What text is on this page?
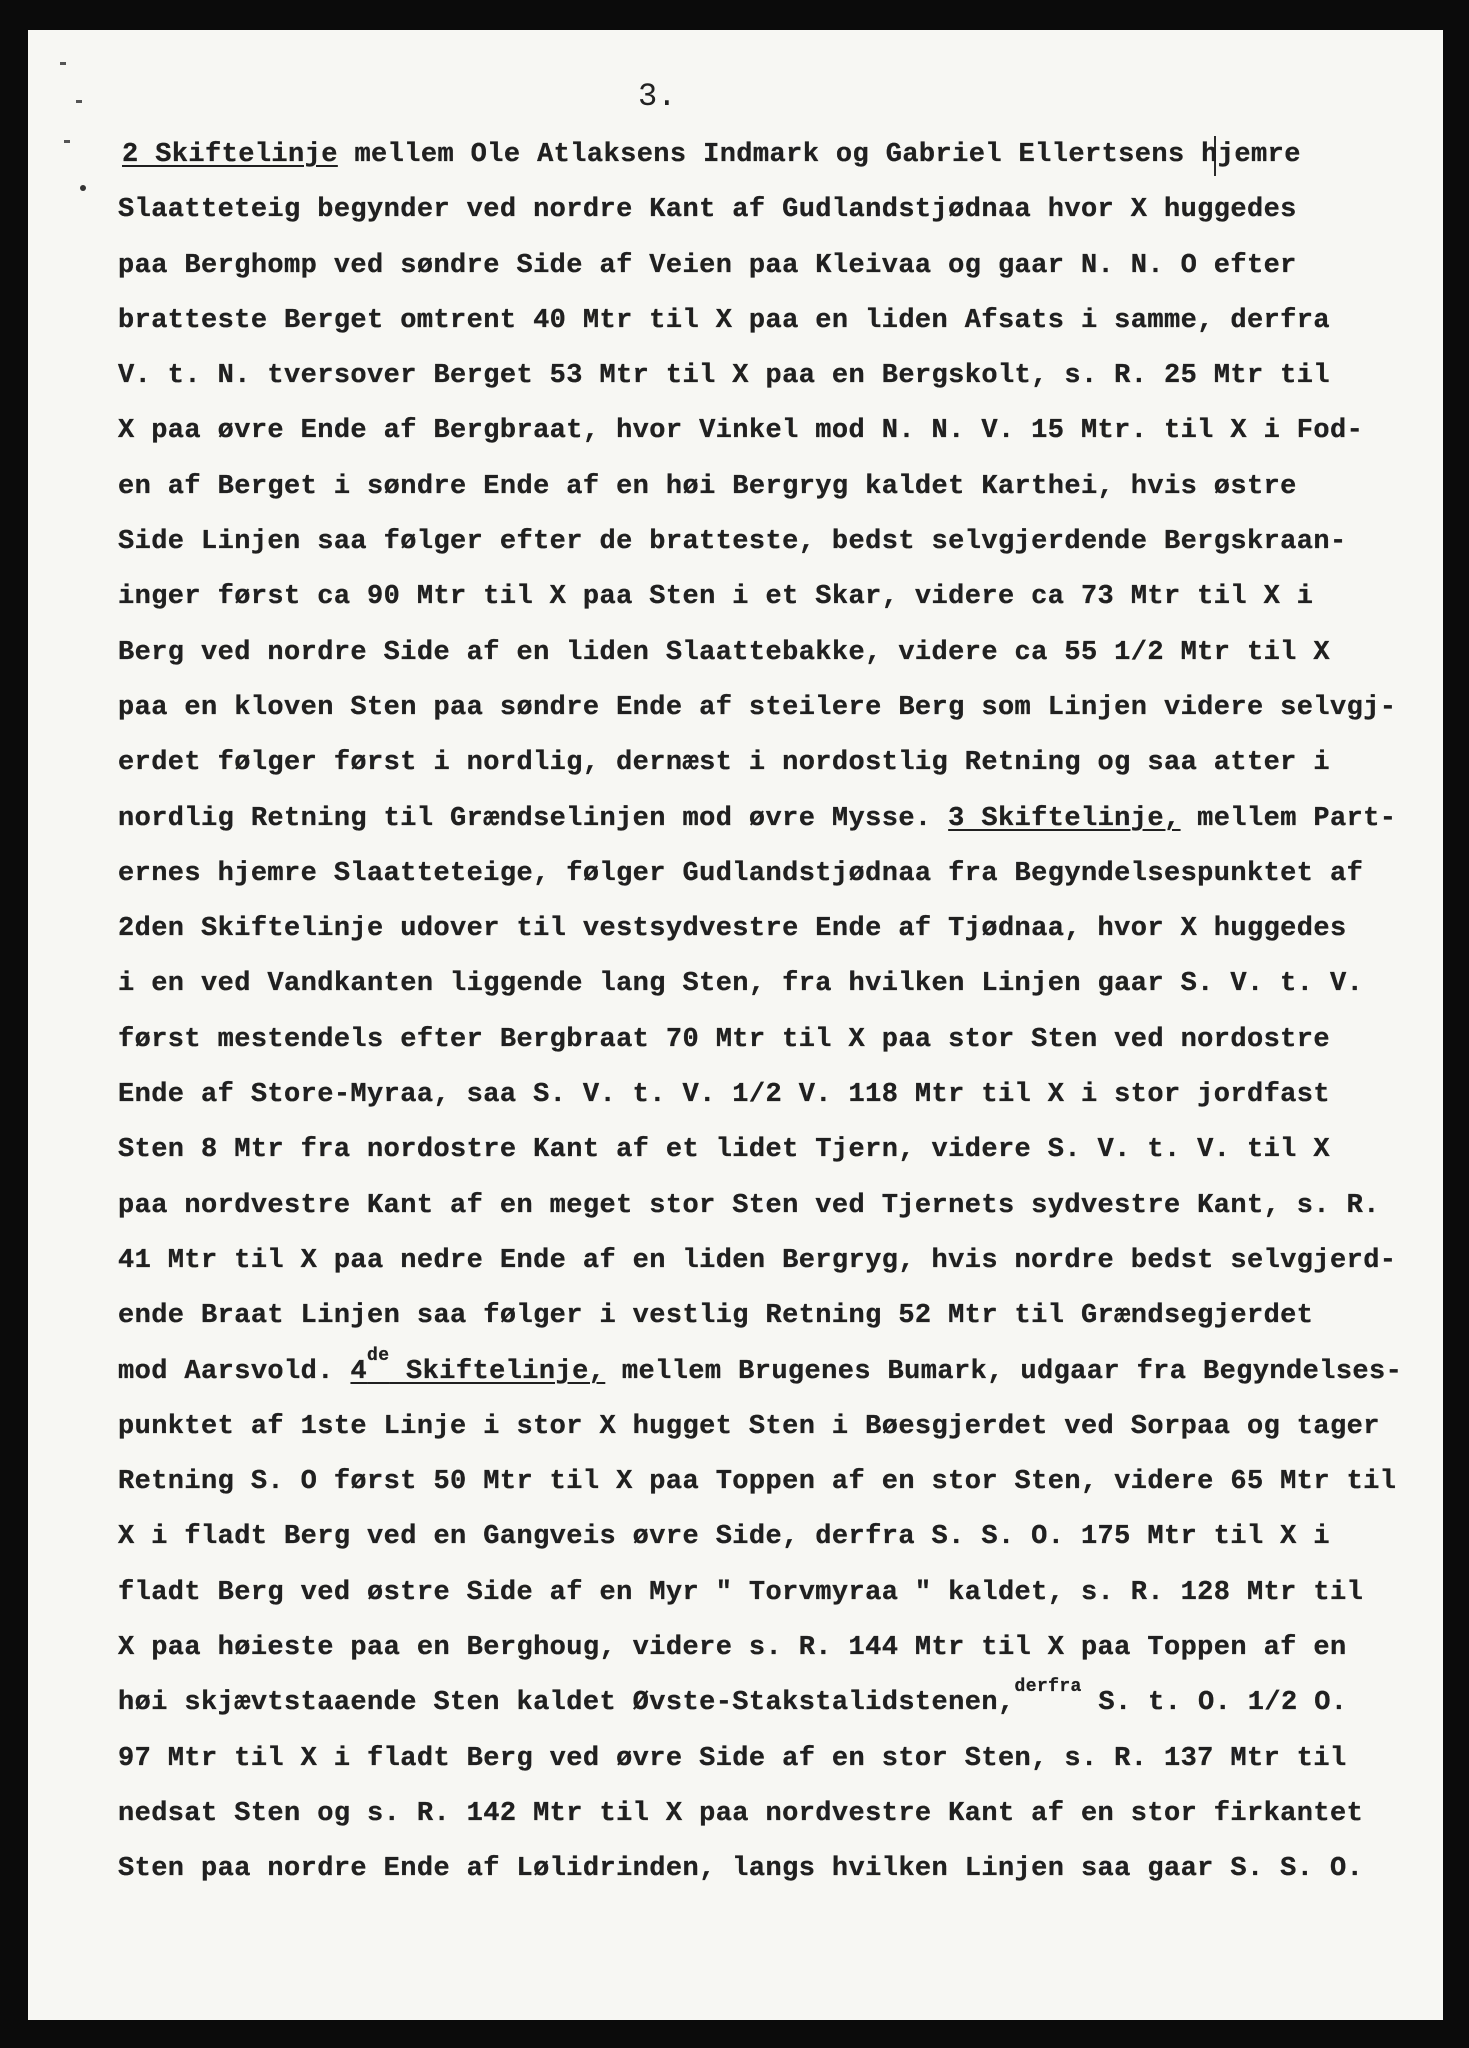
3.

2 Skiftelinje mellem Ole Atlaksens Indmark og Gabriel Ellertsens hjemre
Slaatteteig begynder ved nordre Kant af Gudlandstjødnaa hvor X huggedes
paa Berghomp ved søndre Side af Veien paa Kleivaa og gaar N. N. O efter
bratteste Berget omtrent 40 Mtr til X paa en liden Afsats i samme, derfra
V. t. N. tversover Berget 53 Mtr til X paa en Bergskolt, s. R. 25 Mtr til
X paa øvre Ende af Bergbraat, hvor Vinkel mod N. N. V. 15 Mtr. til X i Fod-
en af Berget i søndre Ende af en høi Bergryg kaldet Karthei, hvis østre
Side Linjen saa følger efter de bratteste, bedst selvgjerdende Bergskraan-
inger først ca 90 Mtr til X paa Sten i et Skar, videre ca 73 Mtr til X i
Berg ved nordre Side af en liden Slaattebakke, videre ca 55 1/2 Mtr til X
paa en kloven Sten paa søndre Ende af steilere Berg som Linjen videre selvgj-
erdet følger først i nordlig, dernæst i nordostlig Retning og saa atter i
nordlig Retning til Grændselinjen mod øvre Mysse. 3 Skiftelinje, mellem Part-
ernes hjemre Slaatteteige, følger Gudlandstjødnaa fra Begyndelsespunktet af
2den Skiftelinje udover til vestsydvestre Ende af Tjødnaa, hvor X huggedes
i en ved Vandkanten liggende lang Sten, fra hvilken Linjen gaar S. V. t. V.
først mestendels efter Bergbraat 70 Mtr til X paa stor Sten ved nordostre
Ende af Store-Myraa, saa S. V. t. V. 1/2 V. 118 Mtr til X i stor jordfast
Sten 8 Mtr fra nordostre Kant af et lidet Tjern, videre S. V. t. V. til X
paa nordvestre Kant af en meget stor Sten ved Tjernets sydvestre Kant, s. R.
41 Mtr til X paa nedre Ende af en liden Bergryg, hvis nordre bedst selvgjerd-
ende Braat Linjen saa følger i vestlig Retning 52 Mtr til Grændsegjerdet
mod Aarsvold. 4de Skiftelinje, mellem Brugenes Bumark, udgaar fra Begyndelses-
punktet af 1ste Linje i stor X hugget Sten i Bøesgjerdet ved Sorpaa og tager
Retning S. O først 50 Mtr til X paa Toppen af en stor Sten, videre 65 Mtr til
X i fladt Berg ved en Gangveis øvre Side, derfra S. S. O. 175 Mtr til X i
fladt Berg ved østre Side af en Myr " Torvmyraa " kaldet, s. R. 128 Mtr til
X paa høieste paa en Berghoug, videre s. R. 144 Mtr til X paa Toppen af en
høi skjævtstaaende Sten kaldet Øvste-Stakstalidstenen,$^{derfra}$ S. t. O. 1/2 O.
97 Mtr til X i fladt Berg ved øvre Side af en stor Sten, s. R. 137 Mtr til
nedsat Sten og s. R. 142 Mtr til X paa nordvestre Kant af en stor firkantet
Sten paa nordre Ende af Lølidrinden, langs hvilken Linjen saa gaar S. S. O.
